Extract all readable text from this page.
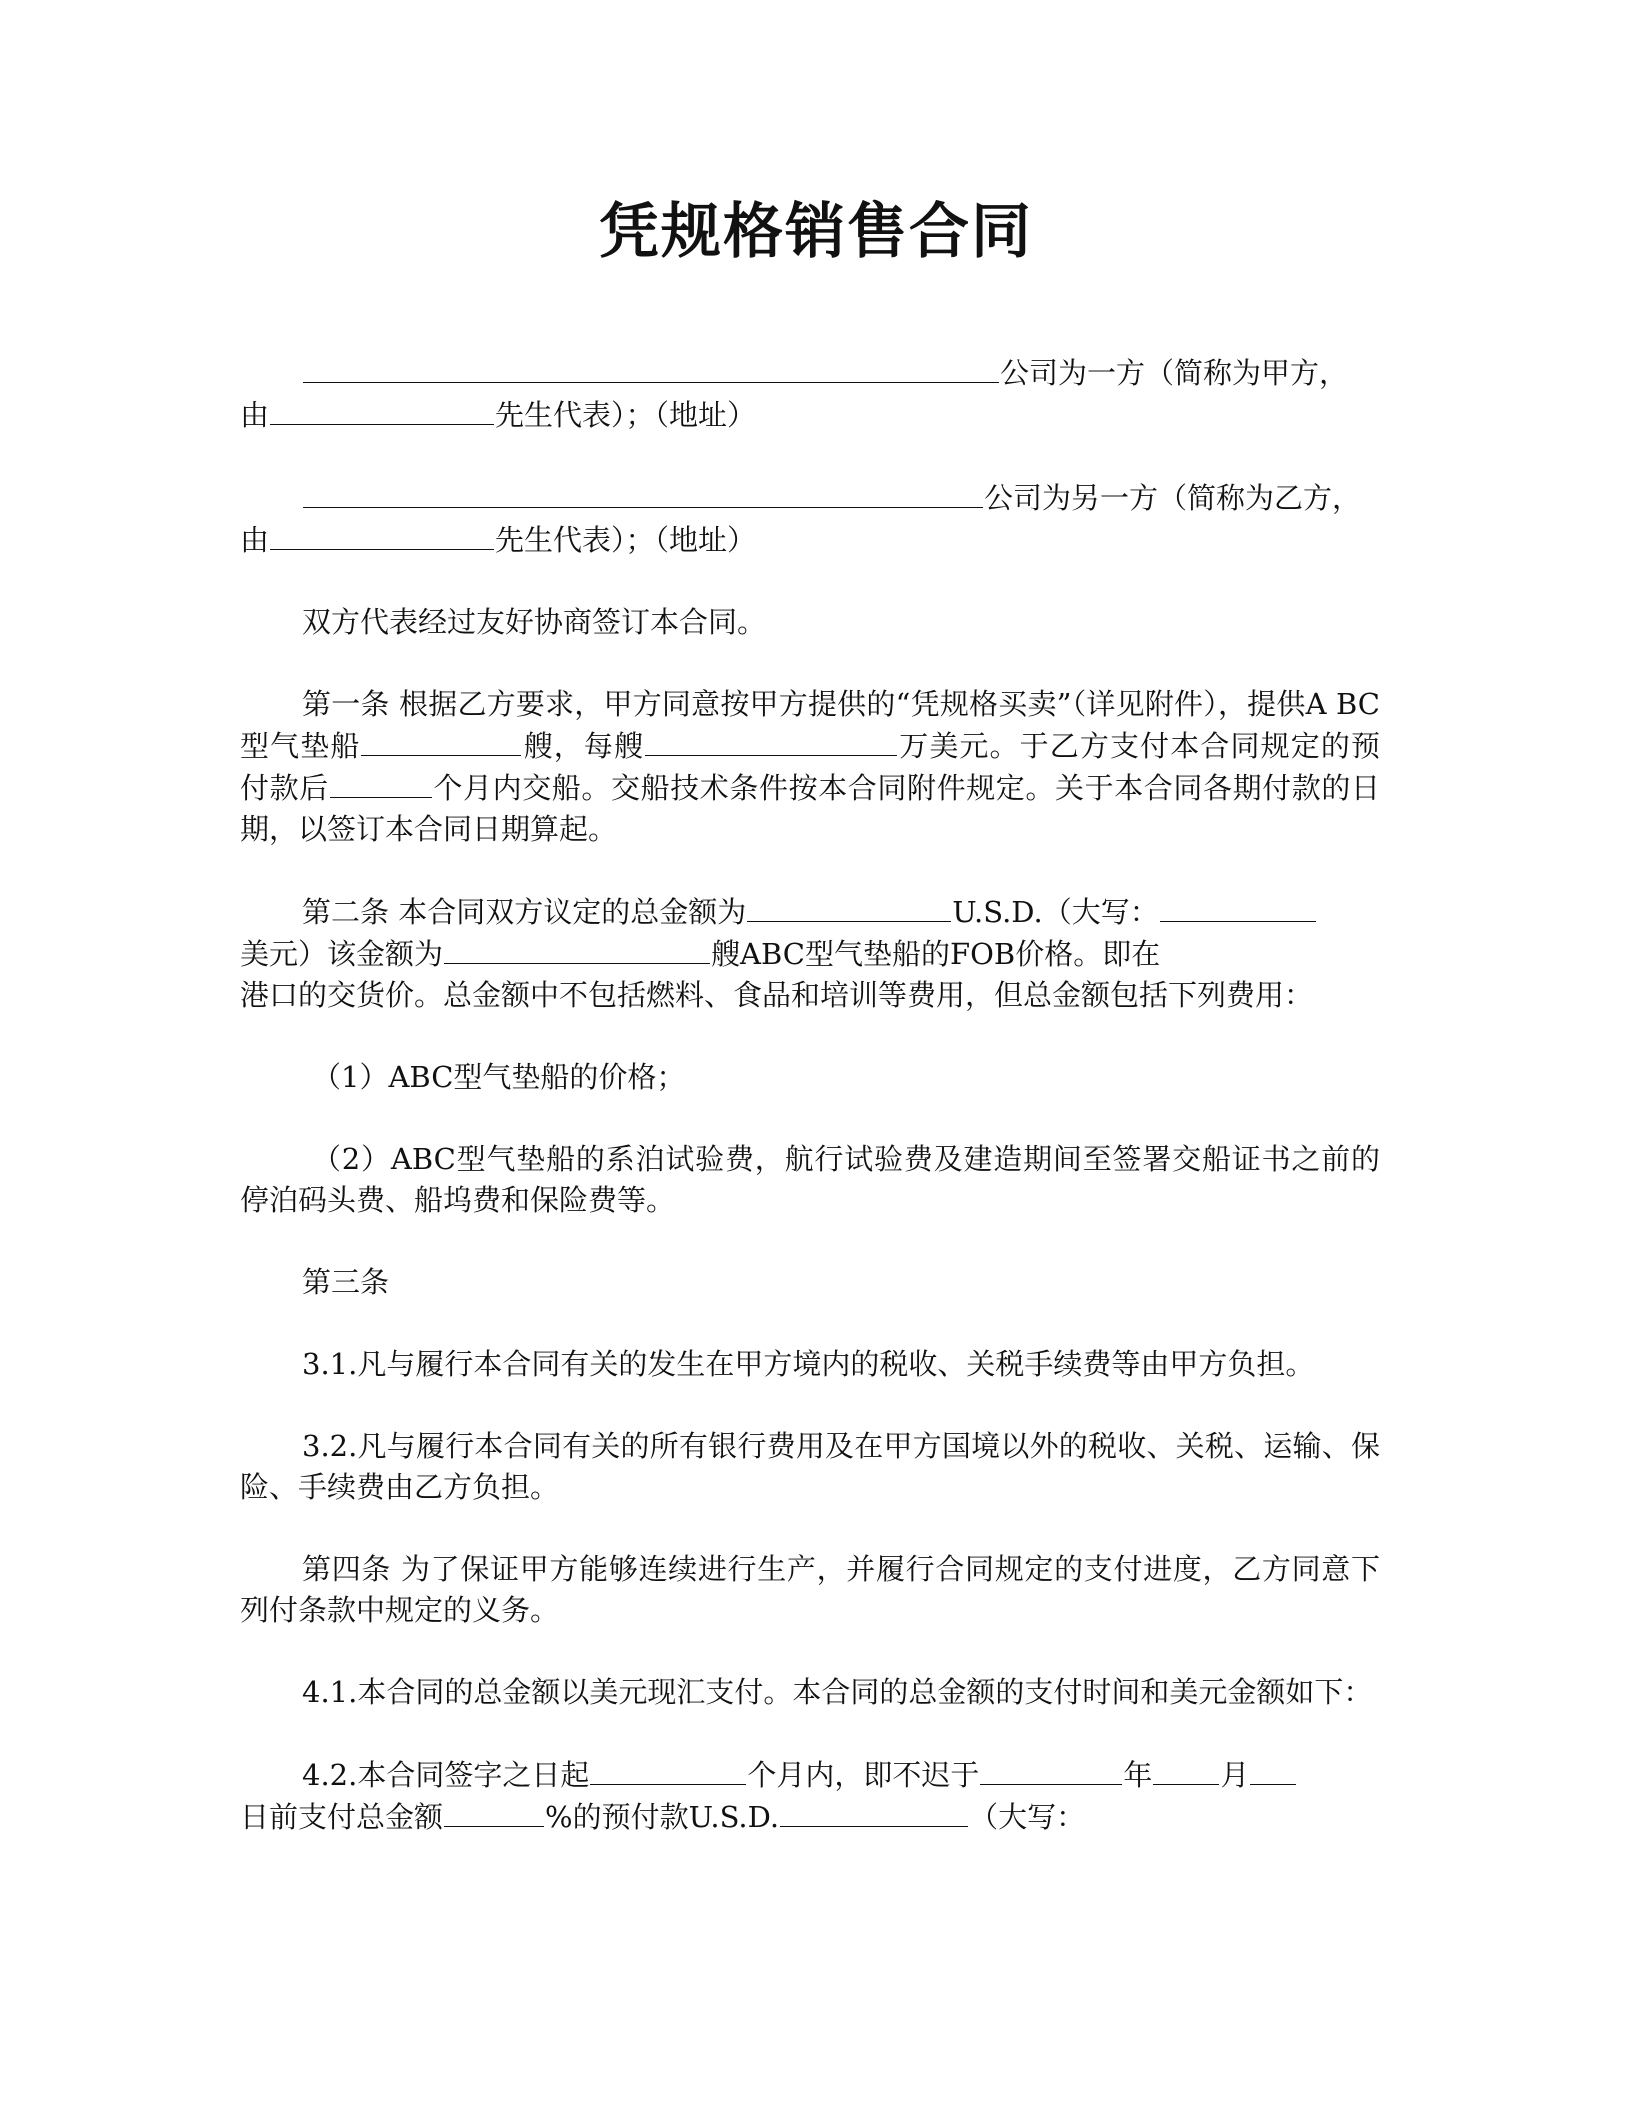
凭规格销售合同

公司为一方（简称为甲方，
由	先生代表）；（地址）

公司为另一方（简称为乙方，
由	先生代表）；（地址）

双方代表经过友好协商签订本合同。

第一条 根据乙方要求，甲方同意按甲方提供的“凭规格买卖”（详见附件），提供A BC型气垫船	艘，每艘	万美元。于乙方支付本合同规定的预付款后	个月内交船。交船技术条件按本合同附件规定。关于本合同各期付款的日期，以签订本合同日期算起。

第二条 本合同双方议定的总金额为	U.S.D.（大写：
美元）该金额为	艘ABC型气垫船的FOB价格。即在
港口的交货价。总金额中不包括燃料、食品和培训等费用，但总金额包括下列费用：

（1）ABC型气垫船的价格；

（2）ABC型气垫船的系泊试验费，航行试验费及建造期间至签署交船证书之前的停泊码头费、船坞费和保险费等。

第三条

3.1.凡与履行本合同有关的发生在甲方境内的税收、关税手续费等由甲方负担。

3.2.凡与履行本合同有关的所有银行费用及在甲方国境以外的税收、关税、运输、保险、手续费由乙方负担。

第四条 为了保证甲方能够连续进行生产，并履行合同规定的支付进度，乙方同意下列付条款中规定的义务。

4.1.本合同的总金额以美元现汇支付。本合同的总金额的支付时间和美元金额如下：

4.2.本合同签字之日起	个月内，即不迟于	年 月
日前支付总金额	%的预付款U.S.D.	（大写：
